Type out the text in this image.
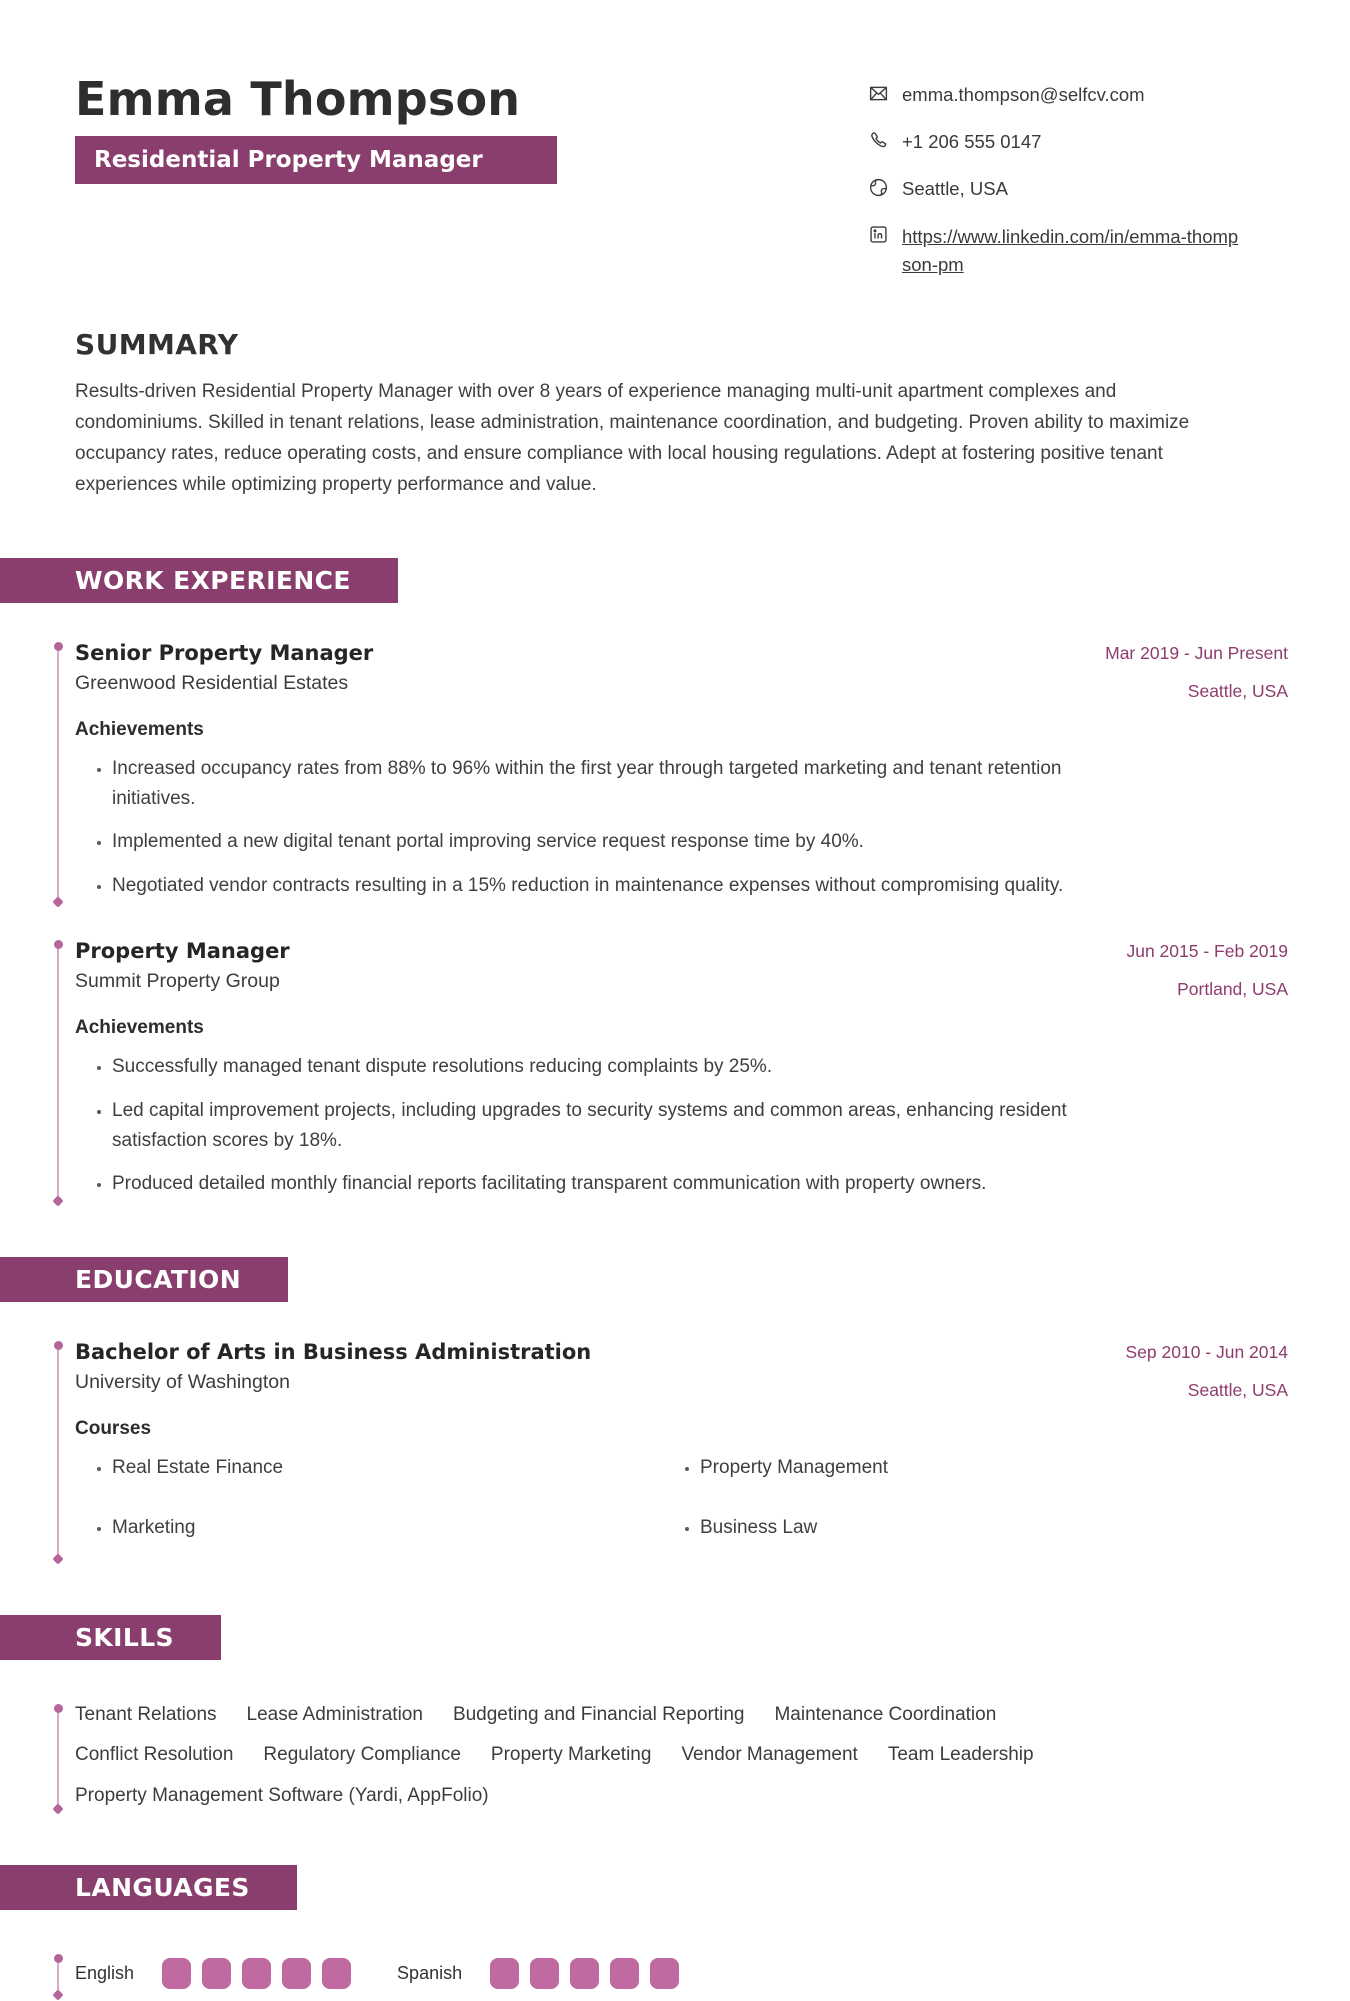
Emma Thompson
Residential Property Manager
emma.thompson@selfcv.com
+1 206 555 0147
Seattle, USA
https://www.linkedin.com/in/emma-thompson-pm
SUMMARY

Results-driven Residential Property Manager with over 8 years of experience managing multi-unit apartment complexes and condominiums. Skilled in tenant relations, lease administration, maintenance coordination, and budgeting. Proven ability to maximize occupancy rates, reduce operating costs, and ensure compliance with local housing regulations. Adept at fostering positive tenant experiences while optimizing property performance and value.

WORK EXPERIENCE
Senior Property Manager
Greenwood Residential Estates
Mar 2019 - Jun Present
Seattle, USA
Achievements
• Increased occupancy rates from 88% to 96% within the first year through targeted marketing and tenant retention initiatives.
• Implemented a new digital tenant portal improving service request response time by 40%.
• Negotiated vendor contracts resulting in a 15% reduction in maintenance expenses without compromising quality.
Property Manager
Summit Property Group
Jun 2015 - Feb 2019
Portland, USA
Achievements
• Successfully managed tenant dispute resolutions reducing complaints by 25%.
• Led capital improvement projects, including upgrades to security systems and common areas, enhancing resident satisfaction scores by 18%.
• Produced detailed monthly financial reports facilitating transparent communication with property owners.
EDUCATION
Bachelor of Arts in Business Administration
University of Washington
Sep 2010 - Jun 2014
Seattle, USA
Courses
• Real Estate Finance	• Property Management
• Marketing	• Business Law
SKILLS
Tenant Relations Lease Administration Budgeting and Financial Reporting Maintenance Coordination
Conflict Resolution Regulatory Compliance Property Marketing Vendor Management Team Leadership
Property Management Software (Yardi, AppFolio)
LANGUAGES
English	Spanish
